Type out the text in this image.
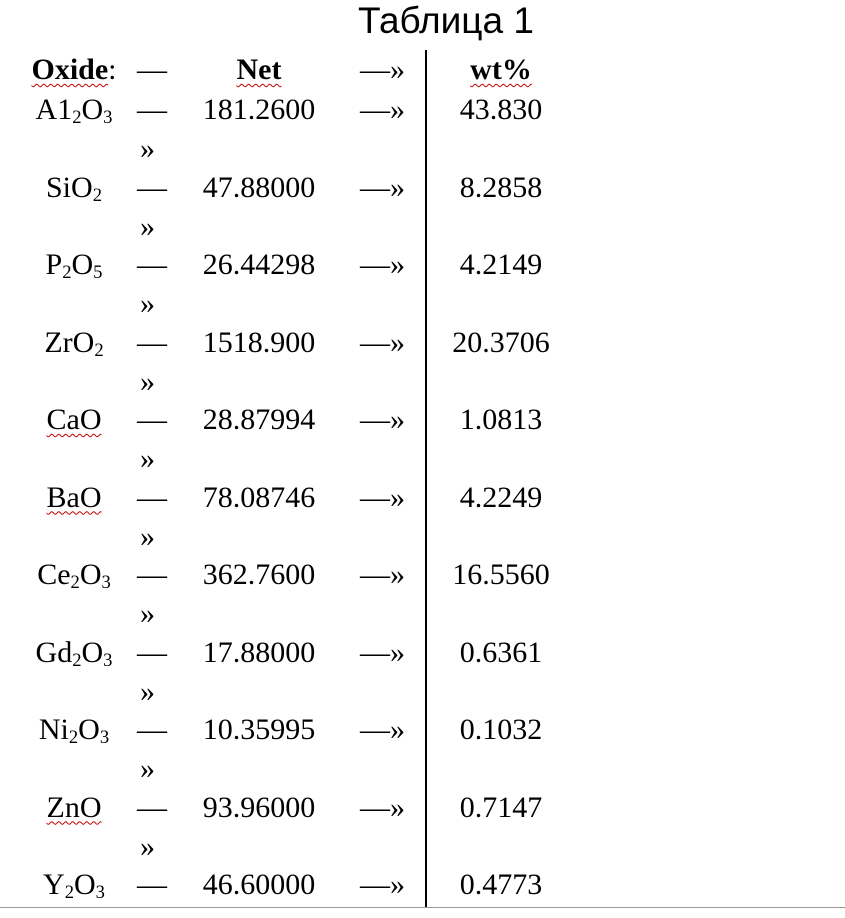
Таблица 1
Oxide: —	Net	—»	wt%
$A1_2O_3$ —	181.2600	—»	43.830
»
SiO$_2$	—	47.88000	—»	8.2858
»
$P_2O_5$	—	26.44298	—»	4.2149
»
ZrO$_2$	—	1518.900	—»	20.3706
»
CaO	—	28.87994	—»	1.0813
»
BaO	—	78.08746	—»	4.2249
»
$Ce_2O_3$ —	362.7600	—»	16.5560
»
$Gd_2O_3$ —	17.88000	—»	0.6361
»
$Ni_2O_3$ —	10.35995	—»	0.1032
»
ZnO	—	93.96000	—»	0.7147
»
$Y_2O_3$	—	46.60000	—»	0.4773
